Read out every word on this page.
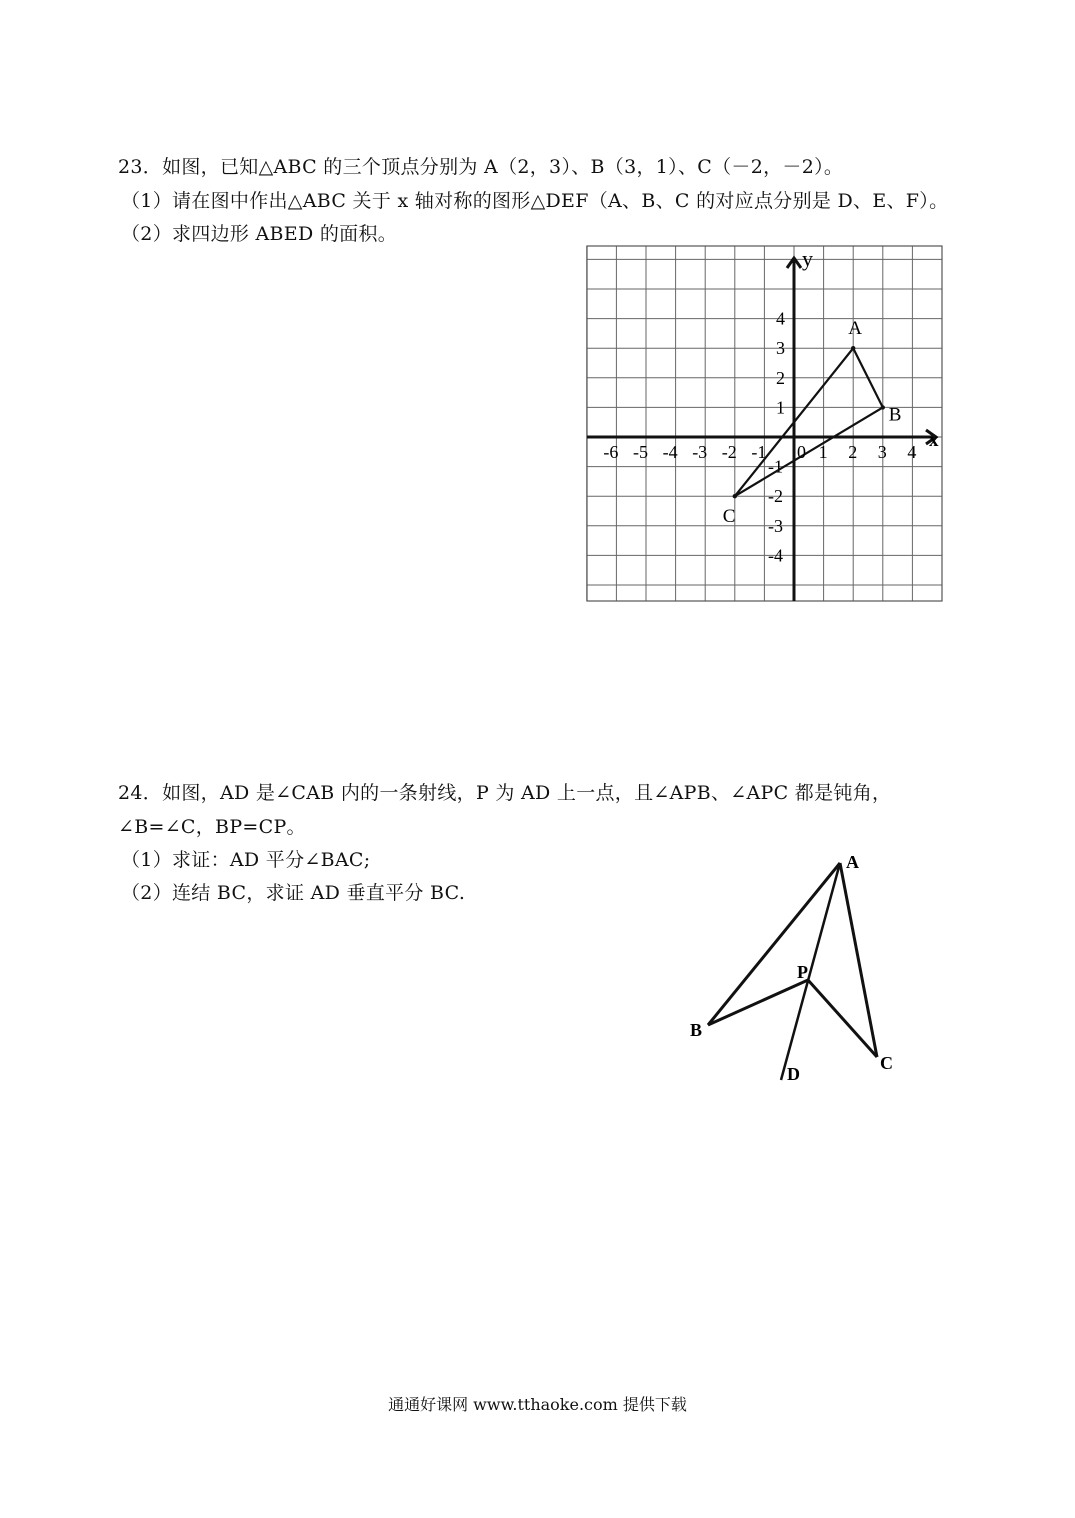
23．如图，已知△ABC 的三个顶点分别为 A（2，3）、B（3，1）、C（－2，－2）。
（1）请在图中作出△ABC 关于 x 轴对称的图形△DEF（A、B、C 的对应点分别是 D、E、F）。
（2）求四边形 ABED 的面积。
-6 -5 -4 -3 -2 -1	1 2 3 4
4
3
2
1
-1
-2
-3
-4
A
B
C
x
y
0
24．如图，AD 是∠CAB 内的一条射线，P 为 AD 上一点，且∠APB、∠APC 都是钝角，
∠B=∠C，BP=CP。
（1）求证：AD 平分∠BAC;
（2）连结 BC，求证 AD 垂直平分 BC.
A
B
C
D
P
通通好课网 www.tthaoke.com 提供下载
